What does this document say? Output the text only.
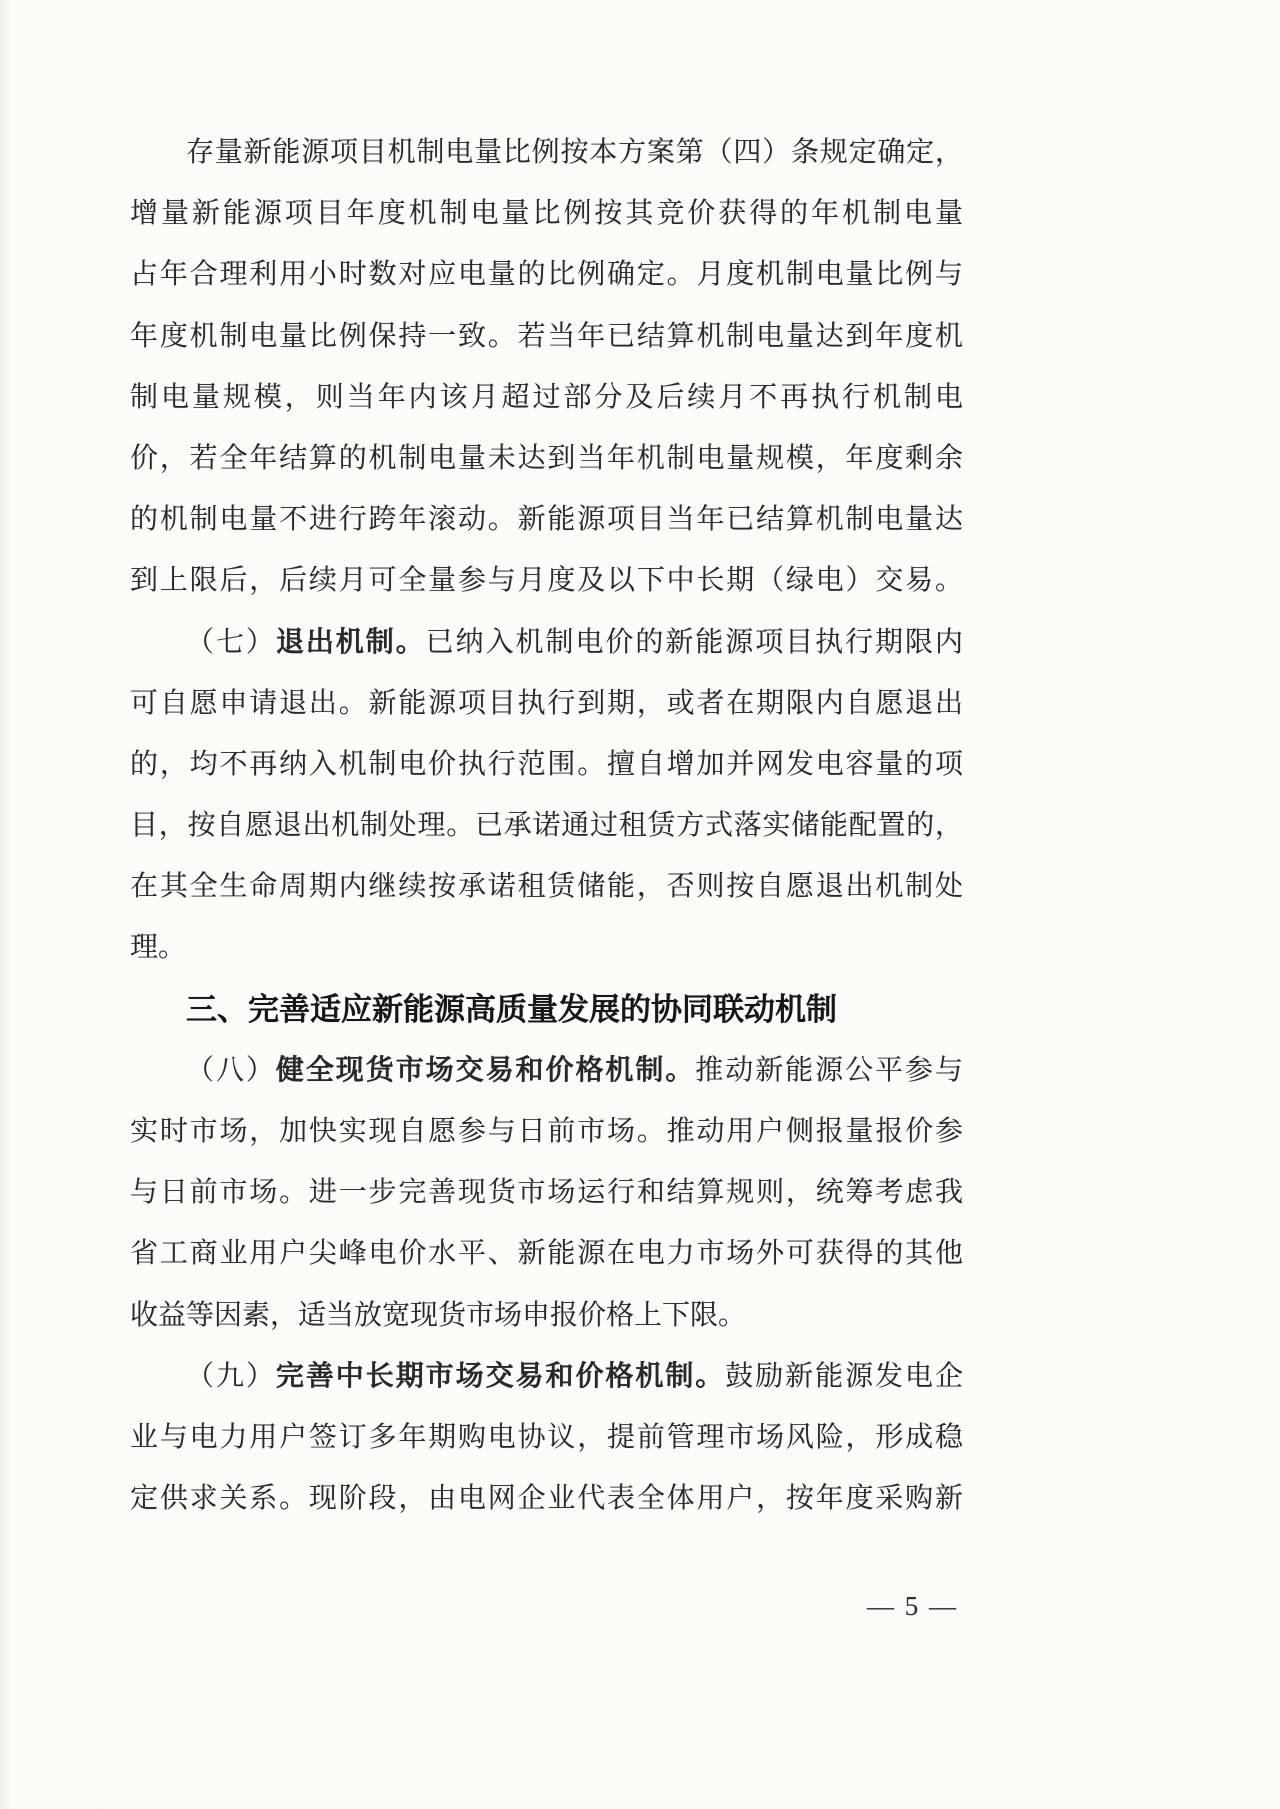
存量新能源项目机制电量比例按本方案第（四）条规定确定，
增量新能源项目年度机制电量比例按其竞价获得的年机制电量
占年合理利用小时数对应电量的比例确定。月度机制电量比例与
年度机制电量比例保持一致。若当年已结算机制电量达到年度机
制电量规模，则当年内该月超过部分及后续月不再执行机制电
价，若全年结算的机制电量未达到当年机制电量规模，年度剩余
的机制电量不进行跨年滚动。新能源项目当年已结算机制电量达
到上限后，后续月可全量参与月度及以下中长期（绿电）交易。
（七）退出机制。已纳入机制电价的新能源项目执行期限内
可自愿申请退出。新能源项目执行到期，或者在期限内自愿退出
的，均不再纳入机制电价执行范围。擅自增加并网发电容量的项
目，按自愿退出机制处理。已承诺通过租赁方式落实储能配置的，
在其全生命周期内继续按承诺租赁储能，否则按自愿退出机制处
理。
三、完善适应新能源高质量发展的协同联动机制
（八）健全现货市场交易和价格机制。推动新能源公平参与
实时市场，加快实现自愿参与日前市场。推动用户侧报量报价参
与日前市场。进一步完善现货市场运行和结算规则，统筹考虑我
省工商业用户尖峰电价水平、新能源在电力市场外可获得的其他
收益等因素，适当放宽现货市场申报价格上下限。
（九）完善中长期市场交易和价格机制。鼓励新能源发电企
业与电力用户签订多年期购电协议，提前管理市场风险，形成稳
定供求关系。现阶段，由电网企业代表全体用户，按年度采购新
— 5 —
